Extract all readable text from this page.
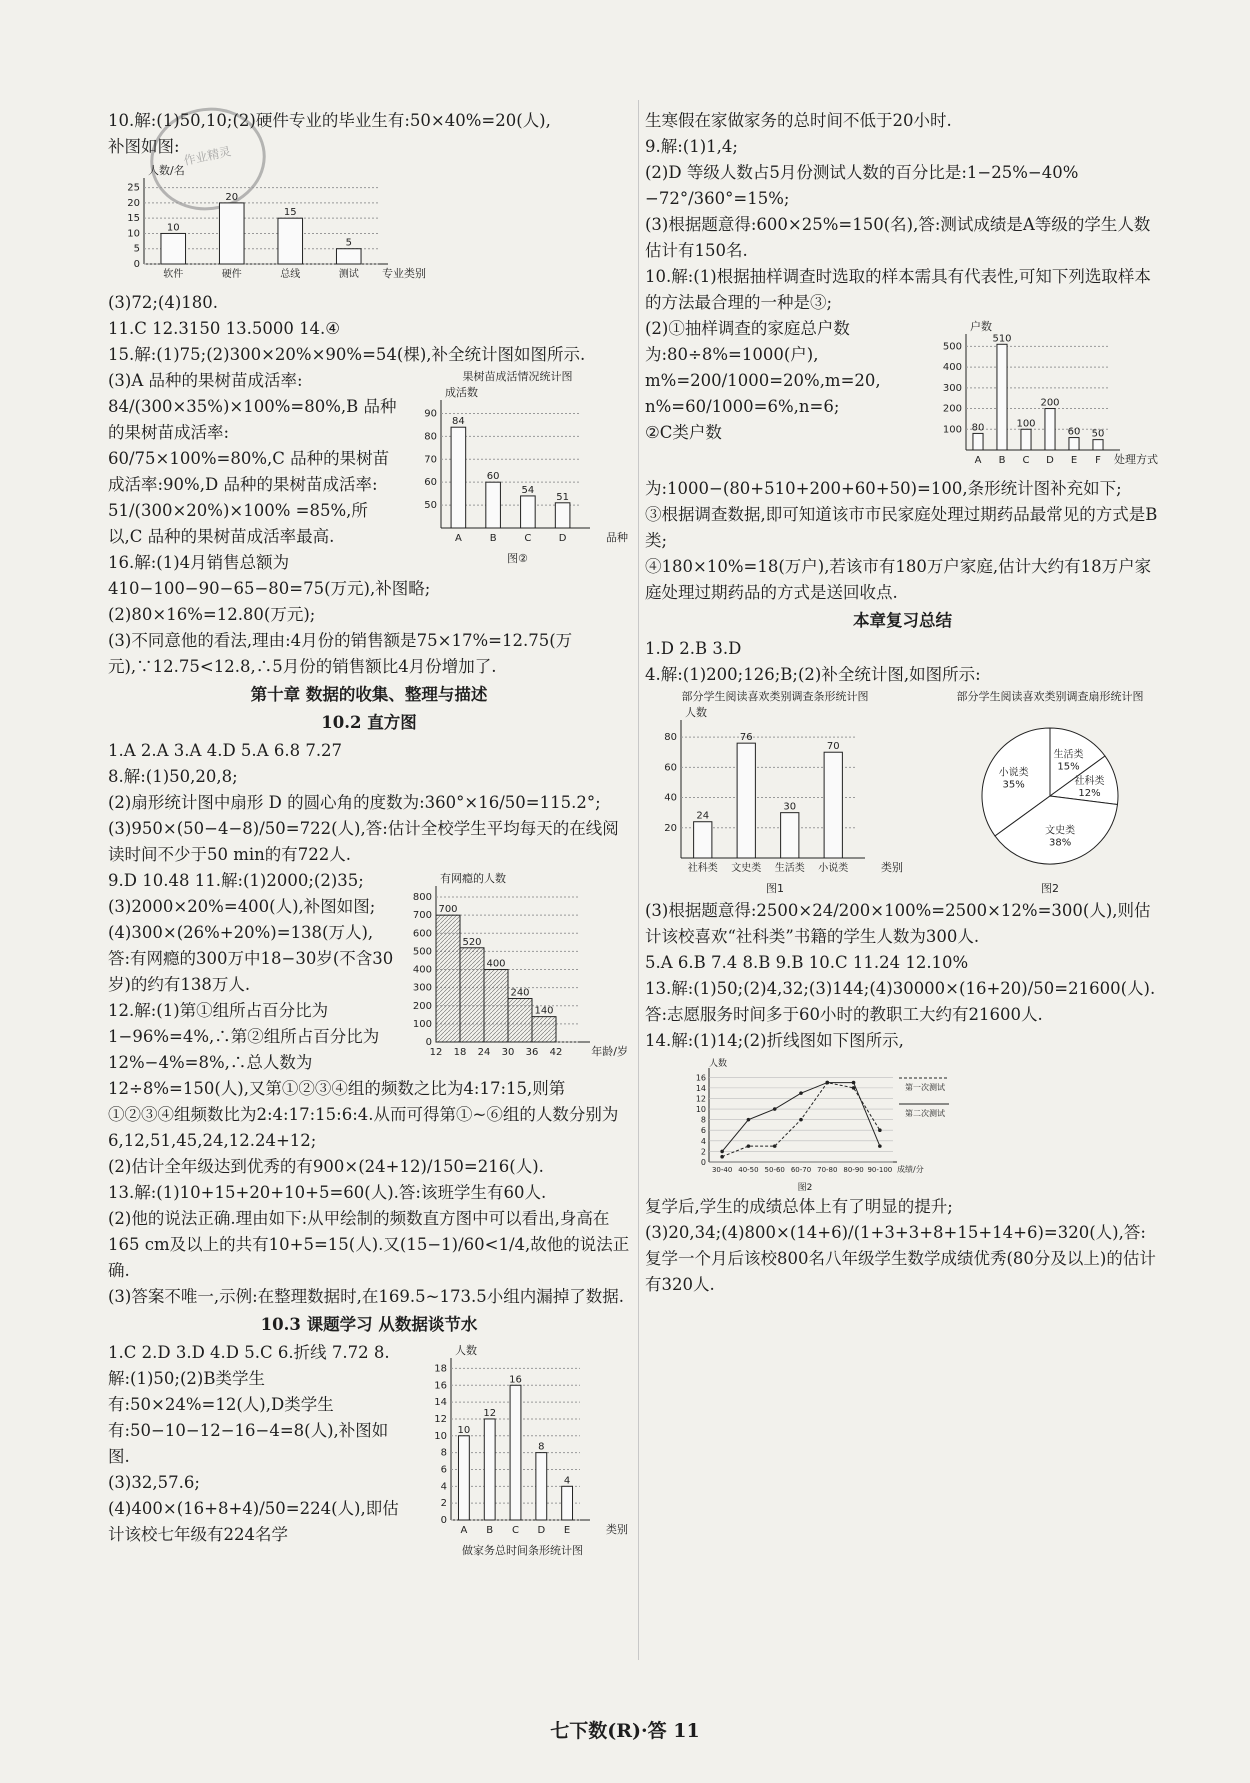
作业精灵

10.解:(1)50,10;(2)硬件专业的毕业生有:50×40%=20(人),

补图如图:

人数/名
0
5
10
15
20
25
软件	硬件	总线	测试
10
20
15
5
专业类别

(3)72;(4)180.

11.C 12.3150 13.5000 14.④

15.解:(1)75;(2)300×20%×90%=54(棵),补全统计图如图所示.

果树苗成活情况统计图
成活数
50
60
70
80
90
A	B	C	D
84
60
54
51
品种
图②

(3)A 品种的果树苗成活率: 84/(300×35%)×100%=80%,B 品种的果树苗成活率: 60/75×100%=80%,C 品种的果树苗成活率:90%,D 品种的果树苗成活率: 51/(300×20%)×100% =85%,所以,C 品种的果树苗成活率最高.

16.解:(1)4月销售总额为410−100−90−65−80=75(万元),补图略;

(2)80×16%=12.80(万元);

(3)不同意他的看法,理由:4月份的销售额是75×17%=12.75(万元),∵12.75<12.8,∴5月份的销售额比4月份增加了.

第十章 数据的收集、整理与描述

10.2 直方图

1.A 2.A 3.A 4.D 5.A 6.8 7.27

8.解:(1)50,20,8;

(2)扇形统计图中扇形 D 的圆心角的度数为:360°×16/50=115.2°;

(3)950×(50−4−8)/50=722(人),答:估计全校学生平均每天的在线阅读时间不少于50 min的有722人.

有网瘾的人数
0
100
200
300
400
500
600
700
800
12 18 24 30 36 42
700
520
400
240
140
年龄/岁

9.D 10.48 11.解:(1)2000;(2)35;(3)2000×20%=400(人),补图如图;

(4)300×(26%+20%)=138(万人),答:有网瘾的300万中18−30岁(不含30岁)的约有138万人.

12.解:(1)第①组所占百分比为1−96%=4%,∴第②组所占百分比为12%−4%=8%,∴总人数为12÷8%=150(人),又第①②③④组的频数之比为4:17:15,则第①②③④组频数比为2:4:17:15:6:4.从而可得第①~⑥组的人数分别为6,12,51,45,24,12.24+12;

(2)估计全年级达到优秀的有900×(24+12)/150=216(人).

13.解:(1)10+15+20+10+5=60(人).答:该班学生有60人.

(2)他的说法正确.理由如下:从甲绘制的频数直方图中可以看出,身高在165 cm及以上的共有10+5=15(人).又(15−1)/60<1/4,故他的说法正确.

(3)答案不唯一,示例:在整理数据时,在169.5~173.5小组内漏掉了数据.

10.3 课题学习 从数据谈节水

人数
0
2
4
6
8
10
12
14
16
18
A B C D E
10
12
16
8
4
类别
做家务总时间条形统计图

1.C 2.D 3.D 4.D 5.C 6.折线 7.72 8.解:(1)50;(2)B类学生有:50×24%=12(人),D类学生有:50−10−12−16−4=8(人),补图如图.

(3)32,57.6;

(4)400×(16+8+4)/50=224(人),即估计该校七年级有224名学

生寒假在家做家务的总时间不低于20小时.

9.解:(1)1,4;

(2)D 等级人数占5月份测试人数的百分比是:1−25%−40%−72°/360°=15%;

(3)根据题意得:600×25%=150(名),答:测试成绩是A等级的学生人数估计有150名.

10.解:(1)根据抽样调查时选取的样本需具有代表性,可知下列选取样本的方法最合理的一种是③;

户数
100
200
300
400
500
A B C D E F
80
510
100
200
60 50
处理方式

(2)①抽样调查的家庭总户数为:80÷8%=1000(户), m%=200/1000=20%,m=20, n%=60/1000=6%,n=6;

②C类户数为:1000−(80+510+200+60+50)=100,条形统计图补充如下;

③根据调查数据,即可知道该市市民家庭处理过期药品最常见的方式是B类;

④180×10%=18(万户),若该市有180万户家庭,估计大约有18万户家庭处理过期药品的方式是送回收点.

本章复习总结

1.D 2.B 3.D

4.解:(1)200;126;B;(2)补全统计图,如图所示:

部分学生阅读喜欢类别调查条形统计图
人数
20
40
60
80
社科类 文史类 生活类 小说类
24
76
30
70
类别
图1
部分学生阅读喜欢类别调查扇形统计图
小说类
35%
生活类
15%
社科类
12%
文史类
38%
图2

(3)根据题意得:2500×24/200×100%=2500×12%=300(人),则估计该校喜欢“社科类”书籍的学生人数为300人.

5.A 6.B 7.4 8.B 9.B 10.C 11.24 12.10%

13.解:(1)50;(2)4,32;(3)144;(4)30000×(16+20)/50=21600(人).

答:志愿服务时间多于60小时的教职工大约有21600人.

14.解:(1)14;(2)折线图如下图所示,

人数
0
2
4
6
8
10
12
14
16
30-40 40-50 50-60 60-70 70-80 80-90 90-100 成绩/分
第一次测试
第二次测试
图2

复学后,学生的成绩总体上有了明显的提升;

(3)20,34;(4)800×(14+6)/(1+3+3+8+15+14+6)=320(人),答:复学一个月后该校800名八年级学生数学成绩优秀(80分及以上)的估计有320人.

七下数(R)·答 11
